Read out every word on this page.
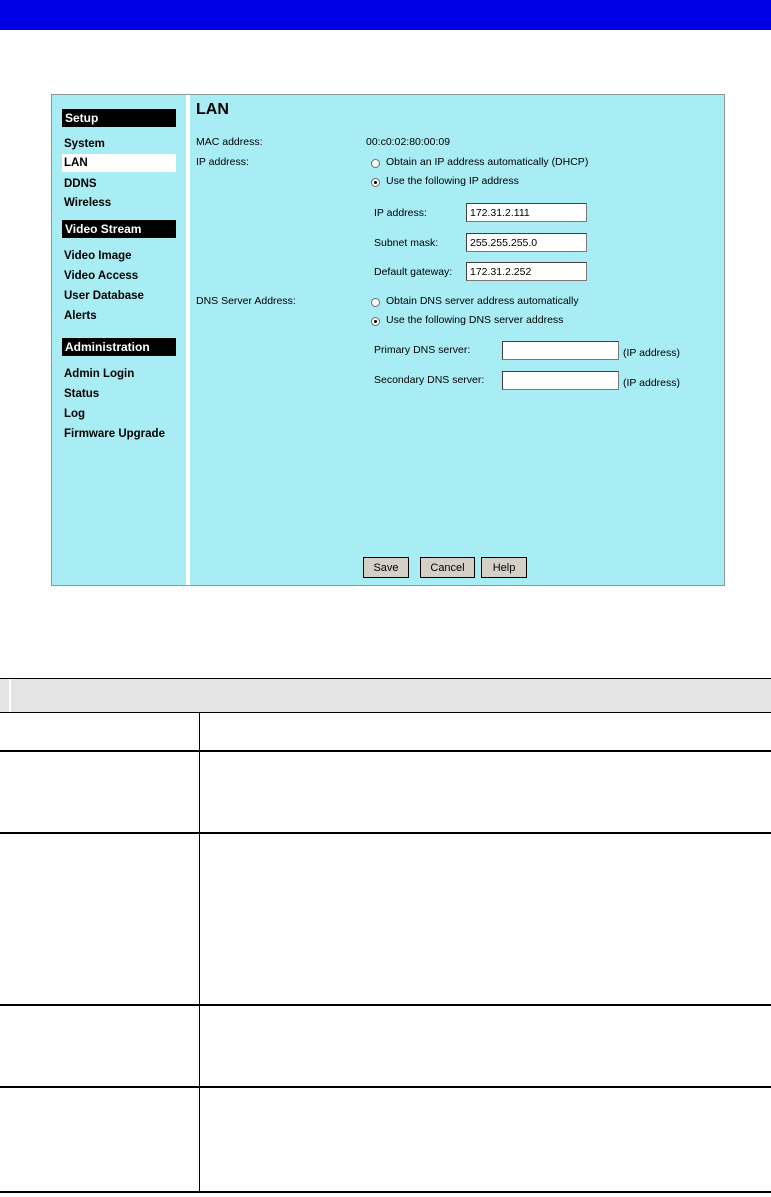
Setup
System
LAN
DDNS
Wireless
Video Stream
Video Image
Video Access
User Database
Alerts
Administration
Admin Login
Status
Log
Firmware Upgrade
LAN
MAC address:	00:c0:02:80:00:09
IP address:	Obtain an IP address automatically (DHCP)
Use the following IP address
IP address:
172.31.2.111
Subnet mask:
255.255.255.0
Default gateway:
172.31.2.252
DNS Server Address:	Obtain DNS server address automatically
Use the following DNS server address
Primary DNS server:	(IP address)
Secondary DNS server:	(IP address)
Save	Cancel	Help
